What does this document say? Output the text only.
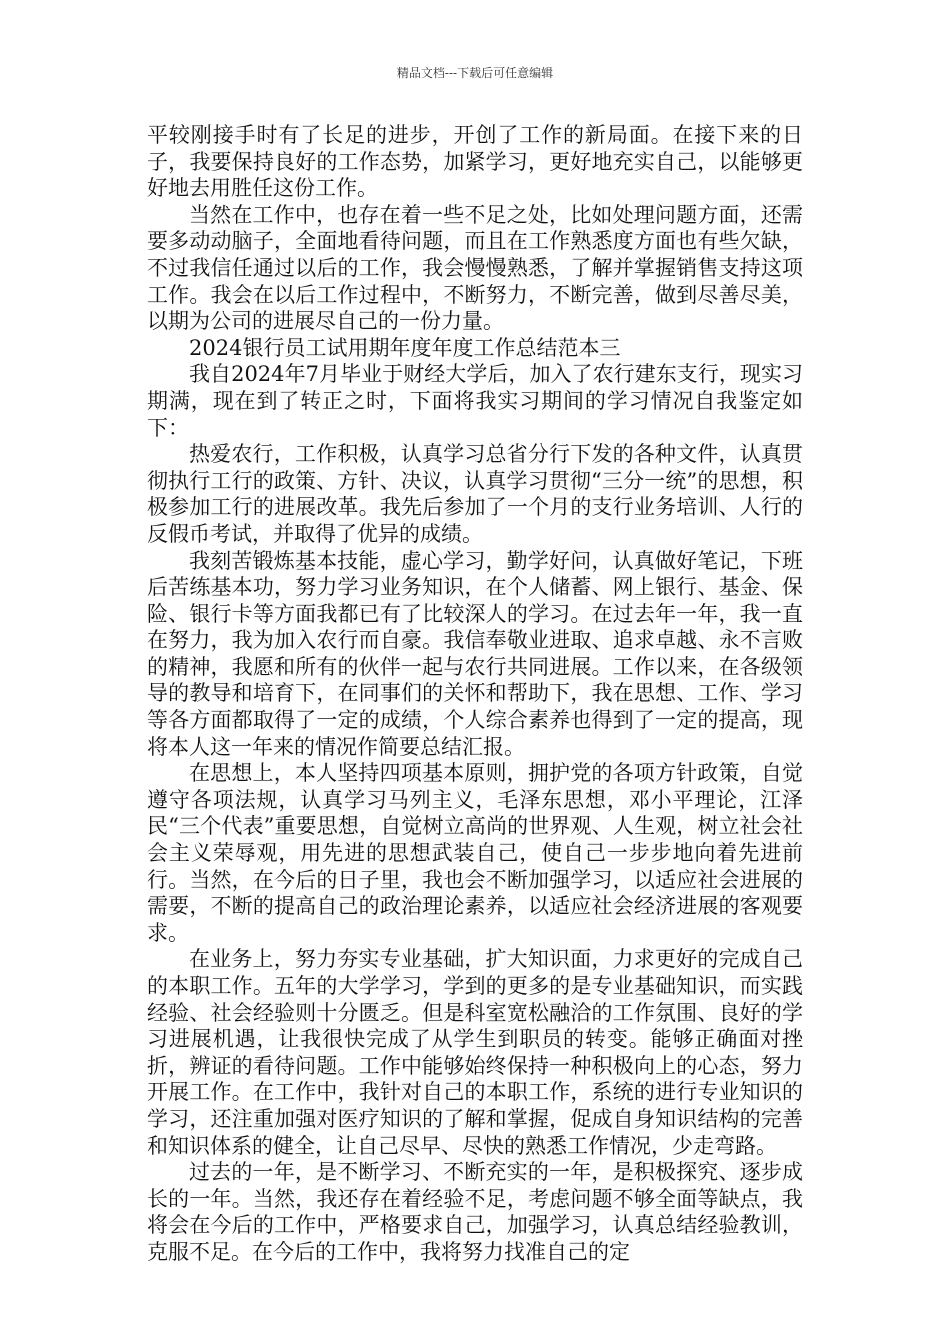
精品文档---下载后可任意编辑

平较刚接手时有了长足的进步，开创了工作的新局面。在接下来的日子，我要保持良好的工作态势，加紧学习，更好地充实自己，以能够更好地去用胜任这份工作。

当然在工作中，也存在着一些不足之处，比如处理问题方面，还需要多动动脑子，全面地看待问题，而且在工作熟悉度方面也有些欠缺，不过我信任通过以后的工作，我会慢慢熟悉，了解并掌握销售支持这项工作。我会在以后工作过程中，不断努力，不断完善，做到尽善尽美，以期为公司的进展尽自己的一份力量。

2024银行员工试用期年度年度工作总结范本三

我自2024年7月毕业于财经大学后，加入了农行建东支行，现实习期满，现在到了转正之时，下面将我实习期间的学习情况自我鉴定如下：

热爱农行，工作积极，认真学习总省分行下发的各种文件，认真贯彻执行工行的政策、方针、决议，认真学习贯彻“三分一统”的思想，积极参加工行的进展改革。我先后参加了一个月的支行业务培训、人行的反假币考试，并取得了优异的成绩。

我刻苦锻炼基本技能，虚心学习，勤学好问，认真做好笔记，下班后苦练基本功，努力学习业务知识，在个人储蓄、网上银行、基金、保险、银行卡等方面我都已有了比较深人的学习。在过去年一年，我一直在努力，我为加入农行而自豪。我信奉敬业进取、追求卓越、永不言败的精神，我愿和所有的伙伴一起与农行共同进展。工作以来，在各级领导的教导和培育下，在同事们的关怀和帮助下，我在思想、工作、学习等各方面都取得了一定的成绩，个人综合素养也得到了一定的提高，现将本人这一年来的情况作简要总结汇报。

在思想上，本人坚持四项基本原则，拥护党的各项方针政策，自觉遵守各项法规，认真学习马列主义，毛泽东思想，邓小平理论，江泽民“三个代表”重要思想，自觉树立高尚的世界观、人生观，树立社会社会主义荣辱观，用先进的思想武装自己，使自己一步步地向着先进前行。当然，在今后的日子里，我也会不断加强学习，以适应社会进展的需要，不断的提高自己的政治理论素养，以适应社会经济进展的客观要求。

在业务上，努力夯实专业基础，扩大知识面，力求更好的完成自己的本职工作。五年的大学学习，学到的更多的是专业基础知识，而实践经验、社会经验则十分匮乏。但是科室宽松融洽的工作氛围、良好的学习进展机遇，让我很快完成了从学生到职员的转变。能够正确面对挫折，辨证的看待问题。工作中能够始终保持一种积极向上的心态，努力开展工作。在工作中，我针对自己的本职工作，系统的进行专业知识的学习，还注重加强对医疗知识的了解和掌握，促成自身知识结构的完善和知识体系的健全，让自己尽早、尽快的熟悉工作情况，少走弯路。

过去的一年，是不断学习、不断充实的一年，是积极探究、逐步成长的一年。当然，我还存在着经验不足，考虑问题不够全面等缺点，我将会在今后的工作中，严格要求自己，加强学习，认真总结经验教训，克服不足。在今后的工作中，我将努力找准自己的定
